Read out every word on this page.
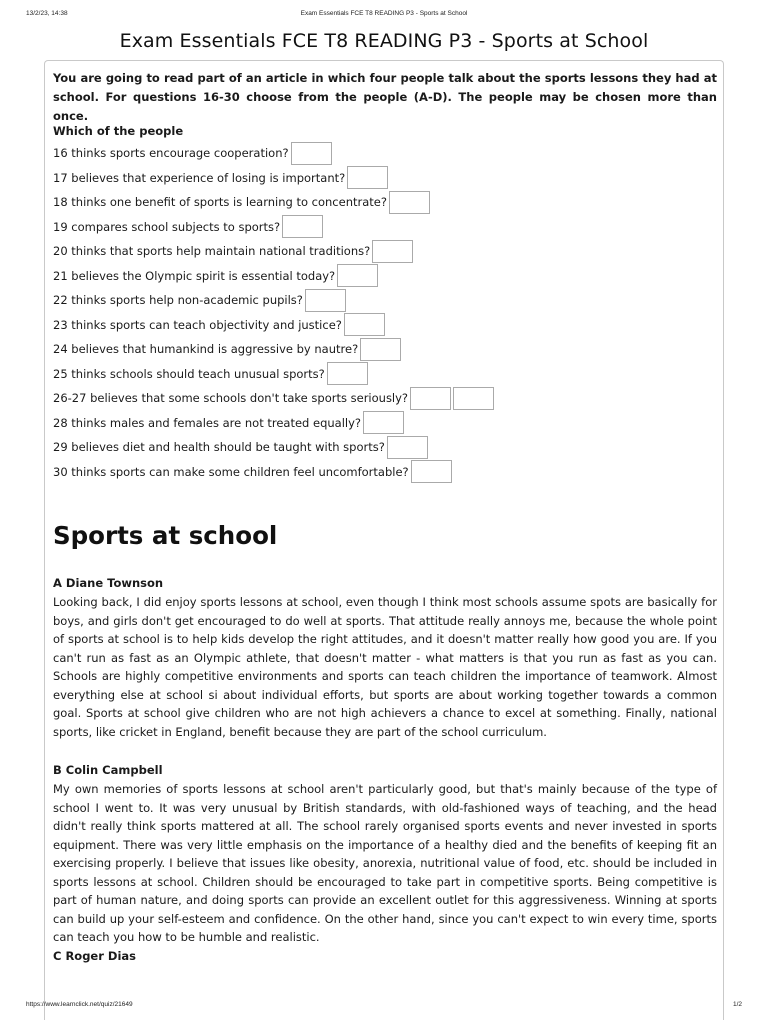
13/2/23, 14:38	Exam Essentials FCE T8 READING P3 - Sports at School
Exam Essentials FCE T8 READING P3 - Sports at School

You are going to read part of an article in which four people talk about the sports lessons they had at school. For questions 16-30 choose from the people (A-D). The people may be chosen more than once.

Which of the people
16 thinks sports encourage cooperation?
17 believes that experience of losing is important?
18 thinks one benefit of sports is learning to concentrate?
19 compares school subjects to sports?
20 thinks that sports help maintain national traditions?
21 believes the Olympic spirit is essential today?
22 thinks sports help non-academic pupils?
23 thinks sports can teach objectivity and justice?
24 believes that humankind is aggressive by nautre?
25 thinks schools should teach unusual sports?
26-27 believes that some schools don't take sports seriously?
28 thinks males and females are not treated equally?
29 believes diet and health should be taught with sports?
30 thinks sports can make some children feel uncomfortable?
Sports at school
A Diane Townson

Looking back, I did enjoy sports lessons at school, even though I think most schools assume spots are basically for boys, and girls don't get encouraged to do well at sports. That attitude really annoys me, because the whole point of sports at school is to help kids develop the right attitudes, and it doesn't matter really how good you are. If you can't run as fast as an Olympic athlete, that doesn't matter - what matters is that you run as fast as you can. Schools are highly competitive environments and sports can teach children the importance of teamwork. Almost everything else at school si about individual efforts, but sports are about working together towards a common goal. Sports at school give children who are not high achievers a chance to excel at something. Finally, national sports, like cricket in England, benefit because they are part of the school curriculum.

B Colin Campbell

My own memories of sports lessons at school aren't particularly good, but that's mainly because of the type of school I went to. It was very unusual by British standards, with old-fashioned ways of teaching, and the head didn't really think sports mattered at all. The school rarely organised sports events and never invested in sports equipment. There was very little emphasis on the importance of a healthy died and the benefits of keeping fit an exercising properly. I believe that issues like obesity, anorexia, nutritional value of food, etc. should be included in sports lessons at school. Children should be encouraged to take part in competitive sports. Being competitive is part of human nature, and doing sports can provide an excellent outlet for this aggressiveness. Winning at sports can build up your self-esteem and confidence. On the other hand, since you can't expect to win every time, sports can teach you how to be humble and realistic.

C Roger Dias

https://www.learnclick.net/quiz/21649	1/2
